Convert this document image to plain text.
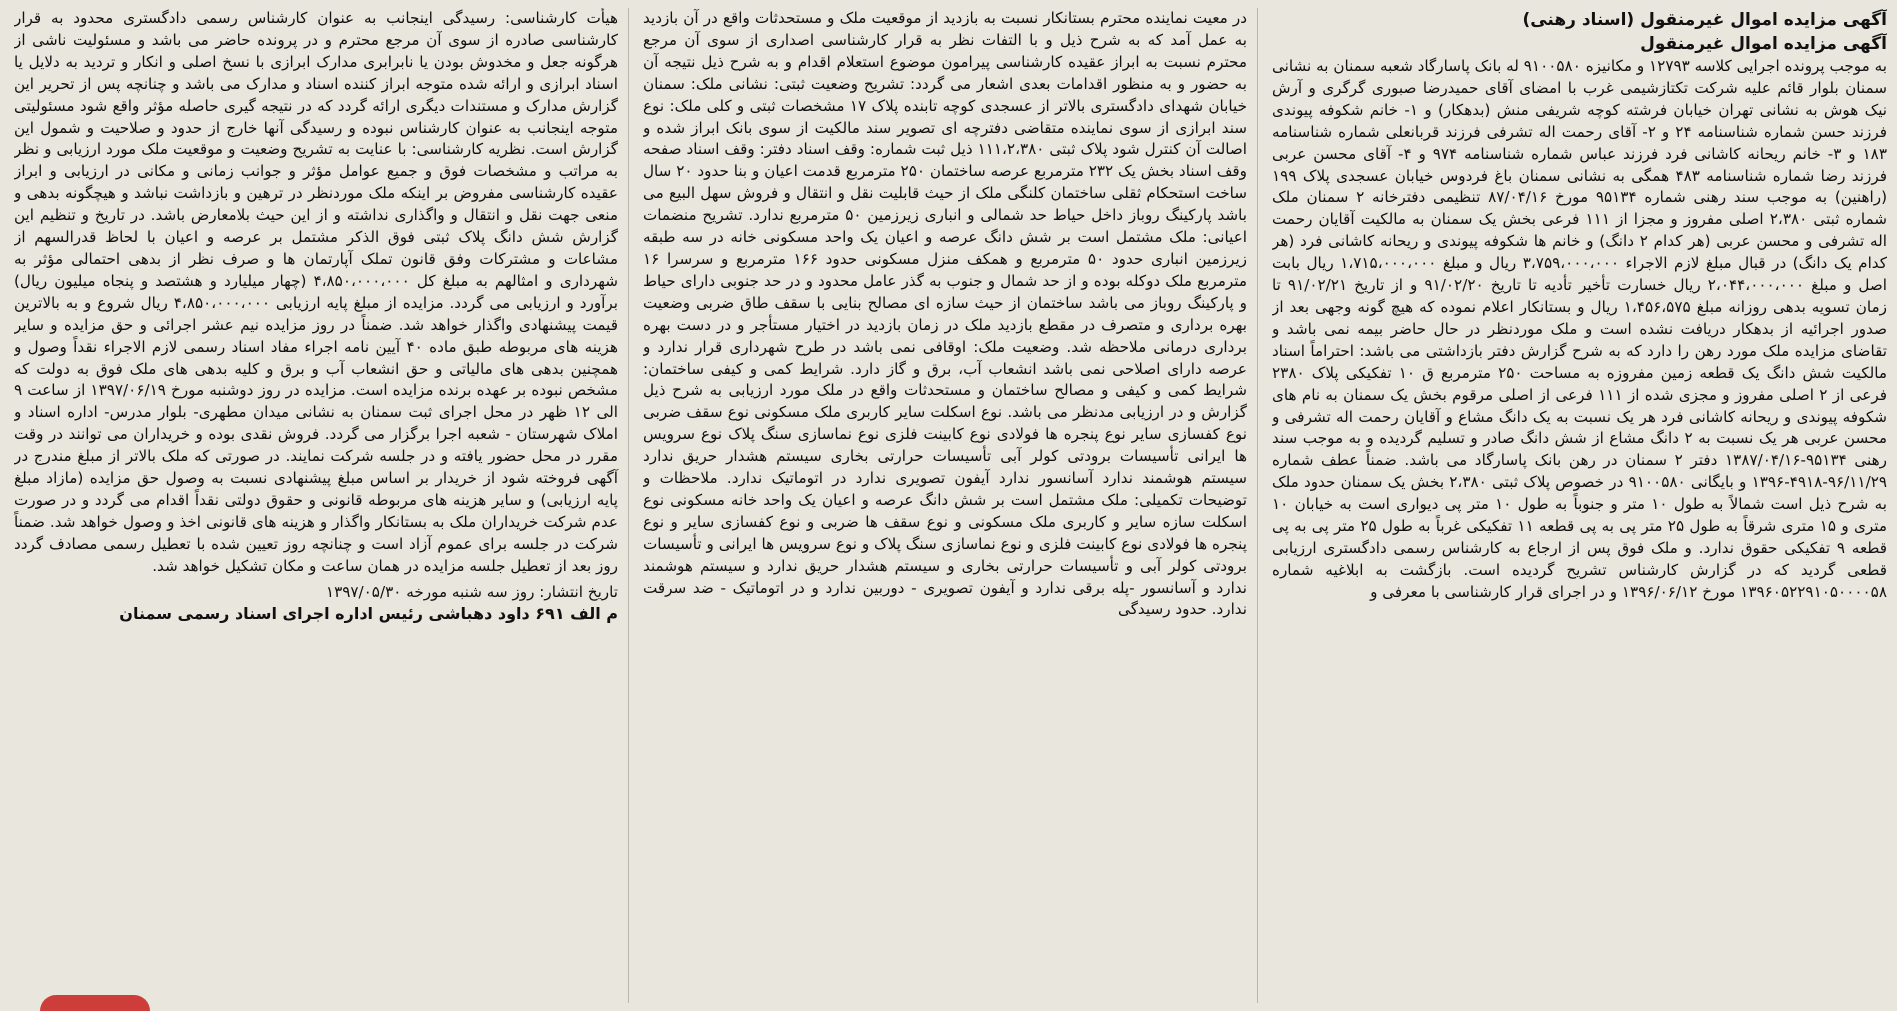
آگهی مزایده اموال غیرمنقول (اسناد رهنی)
آگهی مزایده اموال غیرمنقول

به موجب پرونده اجرایی کلاسه ۱۲۷۹۳ و مکانیزه ۹۱۰۰۵۸۰ له بانک پاسارگاد شعبه سمنان به نشانی سمنان بلوار قائم علیه شرکت تکتازشیمی غرب با امضای آقای حمیدرضا صبوری گرگری و آرش نیک هوش به نشانی تهران خیابان فرشته کوچه شریفی منش (بدهکار) و ۱- خانم شکوفه پیوندی فرزند حسن شماره شناسنامه ۲۴ و ۲- آقای رحمت اله تشرفی فرزند قربانعلی شماره شناسنامه ۱۸۳ و ۳- خانم ریحانه کاشانی فرد فرزند عباس شماره شناسنامه ۹۷۴ و ۴- آقای محسن عربی فرزند رضا شماره شناسنامه ۴۸۳ همگی به نشانی سمنان باغ فردوس خیابان عسجدی پلاک ۱۹۹ (راهنین) به موجب سند رهنی شماره ۹۵۱۳۴ مورخ ۸۷/۰۴/۱۶ تنظیمی دفترخانه ۲ سمنان ملک شماره ثبتی ۲،۳۸۰ اصلی مفروز و مجزا از ۱۱۱ فرعی بخش یک سمنان به مالکیت آقایان رحمت اله تشرفی و محسن عربی (هر کدام ۲ دانگ) و خانم ها شکوفه پیوندی و ریحانه کاشانی فرد (هر کدام یک دانگ) در قبال مبلغ لازم الاجراء ۳،۷۵۹،۰۰۰،۰۰۰ ریال و مبلغ ۱،۷۱۵،۰۰۰،۰۰۰ ریال بابت اصل و مبلغ ۲،۰۴۴،۰۰۰،۰۰۰ ریال خسارت تأخیر تأدیه تا تاریخ ۹۱/۰۲/۲۰ و از تاریخ ۹۱/۰۲/۲۱ تا زمان تسویه بدهی روزانه مبلغ ۱،۴۵۶،۵۷۵ ریال و بستانکار اعلام نموده که هیچ گونه وجهی بعد از صدور اجرائیه از بدهکار دریافت نشده است و ملک موردنظر در حال حاضر بیمه نمی باشد و تقاضای مزایده ملک مورد رهن را دارد که به شرح گزارش دفتر بازداشتی می باشد: احتراماً اسناد مالکیت شش دانگ یک قطعه زمین مفروزه به مساحت ۲۵۰ مترمربع ق ۱۰ تفکیکی پلاک ۲۳۸۰ فرعی از ۲ اصلی مفروز و مجزی شده از ۱۱۱ فرعی از اصلی مرقوم بخش یک سمنان به نام های شکوفه پیوندی و ریحانه کاشانی فرد هر یک نسبت به یک دانگ مشاع و آقایان رحمت اله تشرفی و محسن عربی هر یک نسبت به ۲ دانگ مشاع از شش دانگ صادر و تسلیم گردیده و به موجب سند رهنی ۹۵۱۳۴-۱۳۸۷/۰۴/۱۶ دفتر ۲ سمنان در رهن بانک پاسارگاد می باشد. ضمناً عطف شماره ۹۶/۱۱/۲۹-۴۹۱۸-۱۳۹۶ و بایگانی ۹۱۰۰۵۸۰ در خصوص پلاک ثبتی ۲،۳۸۰ بخش یک سمنان حدود ملک به شرح ذیل است شمالاً به طول ۱۰ متر و جنوباً به طول ۱۰ متر پی دیواری است به خیابان ۱۰ متری و ۱۵ متری شرقاً به طول ۲۵ متر پی به پی قطعه ۱۱ تفکیکی غرباً به طول ۲۵ متر پی به پی قطعه ۹ تفکیکی حقوق ندارد. و ملک فوق پس از ارجاع به کارشناس رسمی دادگستری ارزیابی قطعی گردید که در گزارش کارشناس تشریح گردیده است. بازگشت به ابلاغیه شماره ۱۳۹۶۰۵۲۲۹۱۰۵۰۰۰۰۵۸ مورخ ۱۳۹۶/۰۶/۱۲ و در اجرای قرار کارشناسی با معرفی و

در معیت نماینده محترم بستانکار نسبت به بازدید از موقعیت ملک و مستحدثات واقع در آن بازدید به عمل آمد که به شرح ذیل و با التفات نظر به قرار کارشناسی اصداری از سوی آن مرجع محترم نسبت به ابراز عقیده کارشناسی پیرامون موضوع استعلام اقدام و به شرح ذیل نتیجه آن به حضور و به منظور اقدامات بعدی اشعار می گردد: تشریح وضعیت ثبتی: نشانی ملک: سمنان خیابان شهدای دادگستری بالاتر از عسجدی کوچه تابنده پلاک ۱۷ مشخصات ثبتی و کلی ملک: نوع سند ابرازی از سوی نماینده متقاضی دفترچه ای تصویر سند مالکیت از سوی بانک ابراز شده و اصالت آن کنترل شود پلاک ثبتی ۱۱۱،۲،۳۸۰ ذیل ثبت شماره: وقف اسناد دفتر: وقف اسناد صفحه وقف اسناد بخش یک ۲۳۲ مترمربع عرصه ساختمان ۲۵۰ مترمربع قدمت اعیان و بنا حدود ۲۰ سال ساخت استحکام ثقلی ساختمان کلنگی ملک از حیث قابلیت نقل و انتقال و فروش سهل البیع می باشد پارکینگ روباز داخل حیاط حد شمالی و انباری زیرزمین ۵۰ مترمربع ندارد. تشریح منضمات اعیانی: ملک مشتمل است بر شش دانگ عرصه و اعیان یک واحد مسکونی خانه در سه طبقه زیرزمین انباری حدود ۵۰ مترمربع و همکف منزل مسکونی حدود ۱۶۶ مترمربع و سرسرا ۱۶ مترمربع ملک دوکله بوده و از حد شمال و جنوب به گذر عامل محدود و در حد جنوبی دارای حیاط و پارکینگ روباز می باشد ساختمان از حیث سازه ای مصالح بنایی با سقف طاق ضربی وضعیت بهره برداری و متصرف در مقطع بازدید ملک در زمان بازدید در اختیار مستأجر و در دست بهره برداری درمانی ملاحظه شد. وضعیت ملک: اوقافی نمی باشد در طرح شهرداری قرار ندارد و عرصه دارای اصلاحی نمی باشد انشعاب آب، برق و گاز دارد. شرایط کمی و کیفی ساختمان: شرایط کمی و کیفی و مصالح ساختمان و مستحدثات واقع در ملک مورد ارزیابی به شرح ذیل گزارش و در ارزیابی مدنظر می باشد. نوع اسکلت سایر کاربری ملک مسکونی نوع سقف ضربی نوع کفسازی سایر نوع پنجره ها فولادی نوع کابینت فلزی نوع نماسازی سنگ پلاک نوع سرویس ها ایرانی تأسیسات برودتی کولر آبی تأسیسات حرارتی بخاری سیستم هشدار حریق ندارد سیستم هوشمند ندارد آسانسور ندارد آیفون تصویری ندارد در اتوماتیک ندارد. ملاحظات و توضیحات تکمیلی: ملک مشتمل است بر شش دانگ عرصه و اعیان یک واحد خانه مسکونی نوع اسکلت سازه سایر و کاربری ملک مسکونی و نوع سقف ها ضربی و نوع کفسازی سایر و نوع پنجره ها فولادی نوع کابینت فلزی و نوع نماسازی سنگ پلاک و نوع سرویس ها ایرانی و تأسیسات برودتی کولر آبی و تأسیسات حرارتی بخاری و سیستم هشدار حریق ندارد و سیستم هوشمند ندارد و آسانسور -پله برقی ندارد و آیفون تصویری - دوربین ندارد و در اتوماتیک - ضد سرقت ندارد. حدود رسیدگی

هیأت کارشناسی: رسیدگی اینجانب به عنوان کارشناس رسمی دادگستری محدود به قرار کارشناسی صادره از سوی آن مرجع محترم و در پرونده حاضر می باشد و مسئولیت ناشی از هرگونه جعل و مخدوش بودن یا نابرابری مدارک ابرازی با نسخ اصلی و انکار و تردید به دلایل یا اسناد ابرازی و ارائه شده متوجه ابراز کننده اسناد و مدارک می باشد و چنانچه پس از تحریر این گزارش مدارک و مستندات دیگری ارائه گردد که در نتیجه گیری حاصله مؤثر واقع شود مسئولیتی متوجه اینجانب به عنوان کارشناس نبوده و رسیدگی آنها خارج از حدود و صلاحیت و شمول این گزارش است. نظریه کارشناسی: با عنایت به تشریح وضعیت و موقعیت ملک مورد ارزیابی و نظر به مراتب و مشخصات فوق و جمیع عوامل مؤثر و جوانب زمانی و مکانی در ارزیابی و ابراز عقیده کارشناسی مفروض بر اینکه ملک موردنظر در ترهین و بازداشت نباشد و هیچگونه بدهی و منعی جهت نقل و انتقال و واگذاری نداشته و از این حیث بلامعارض باشد. در تاریخ و تنظیم این گزارش شش دانگ پلاک ثبتی فوق الذکر مشتمل بر عرصه و اعیان با لحاظ قدرالسهم از مشاعات و مشترکات وفق قانون تملک آپارتمان ها و صرف نظر از بدهی احتمالی مؤثر به شهرداری و امثالهم به مبلغ کل ۴،۸۵۰،۰۰۰،۰۰۰ (چهار میلیارد و هشتصد و پنجاه میلیون ریال) برآورد و ارزیابی می گردد. مزایده از مبلغ پایه ارزیابی ۴،۸۵۰،۰۰۰،۰۰۰ ریال شروع و به بالاترین قیمت پیشنهادی واگذار خواهد شد. ضمناً در روز مزایده نیم عشر اجرائی و حق مزایده و سایر هزینه های مربوطه طبق ماده ۴۰ آیین نامه اجراء مفاد اسناد رسمی لازم الاجراء نقداً وصول و همچنین بدهی های مالیاتی و حق انشعاب آب و برق و کلیه بدهی های ملک فوق به دولت که مشخص نبوده بر عهده برنده مزایده است. مزایده در روز دوشنبه مورخ ۱۳۹۷/۰۶/۱۹ از ساعت ۹ الی ۱۲ ظهر در محل اجرای ثبت سمنان به نشانی میدان مطهری- بلوار مدرس- اداره اسناد و املاک شهرستان - شعبه اجرا برگزار می گردد. فروش نقدی بوده و خریداران می توانند در وقت مقرر در محل حضور یافته و در جلسه شرکت نمایند. در صورتی که ملک بالاتر از مبلغ مندرج در آگهی فروخته شود از خریدار بر اساس مبلغ پیشنهادی نسبت به وصول حق مزایده (مازاد مبلغ پایه ارزیابی) و سایر هزینه های مربوطه قانونی و حقوق دولتی نقداً اقدام می گردد و در صورت عدم شرکت خریداران ملک به بستانکار واگذار و هزینه های قانونی اخذ و وصول خواهد شد. ضمناً شرکت در جلسه برای عموم آزاد است و چنانچه روز تعیین شده با تعطیل رسمی مصادف گردد روز بعد از تعطیل جلسه مزایده در همان ساعت و مکان تشکیل خواهد شد.

تاریخ انتشار: روز سه شنبه مورخه ۱۳۹۷/۰۵/۳۰
م الف ۶۹۱ داود دهباشی رئیس اداره اجرای اسناد رسمی سمنان
